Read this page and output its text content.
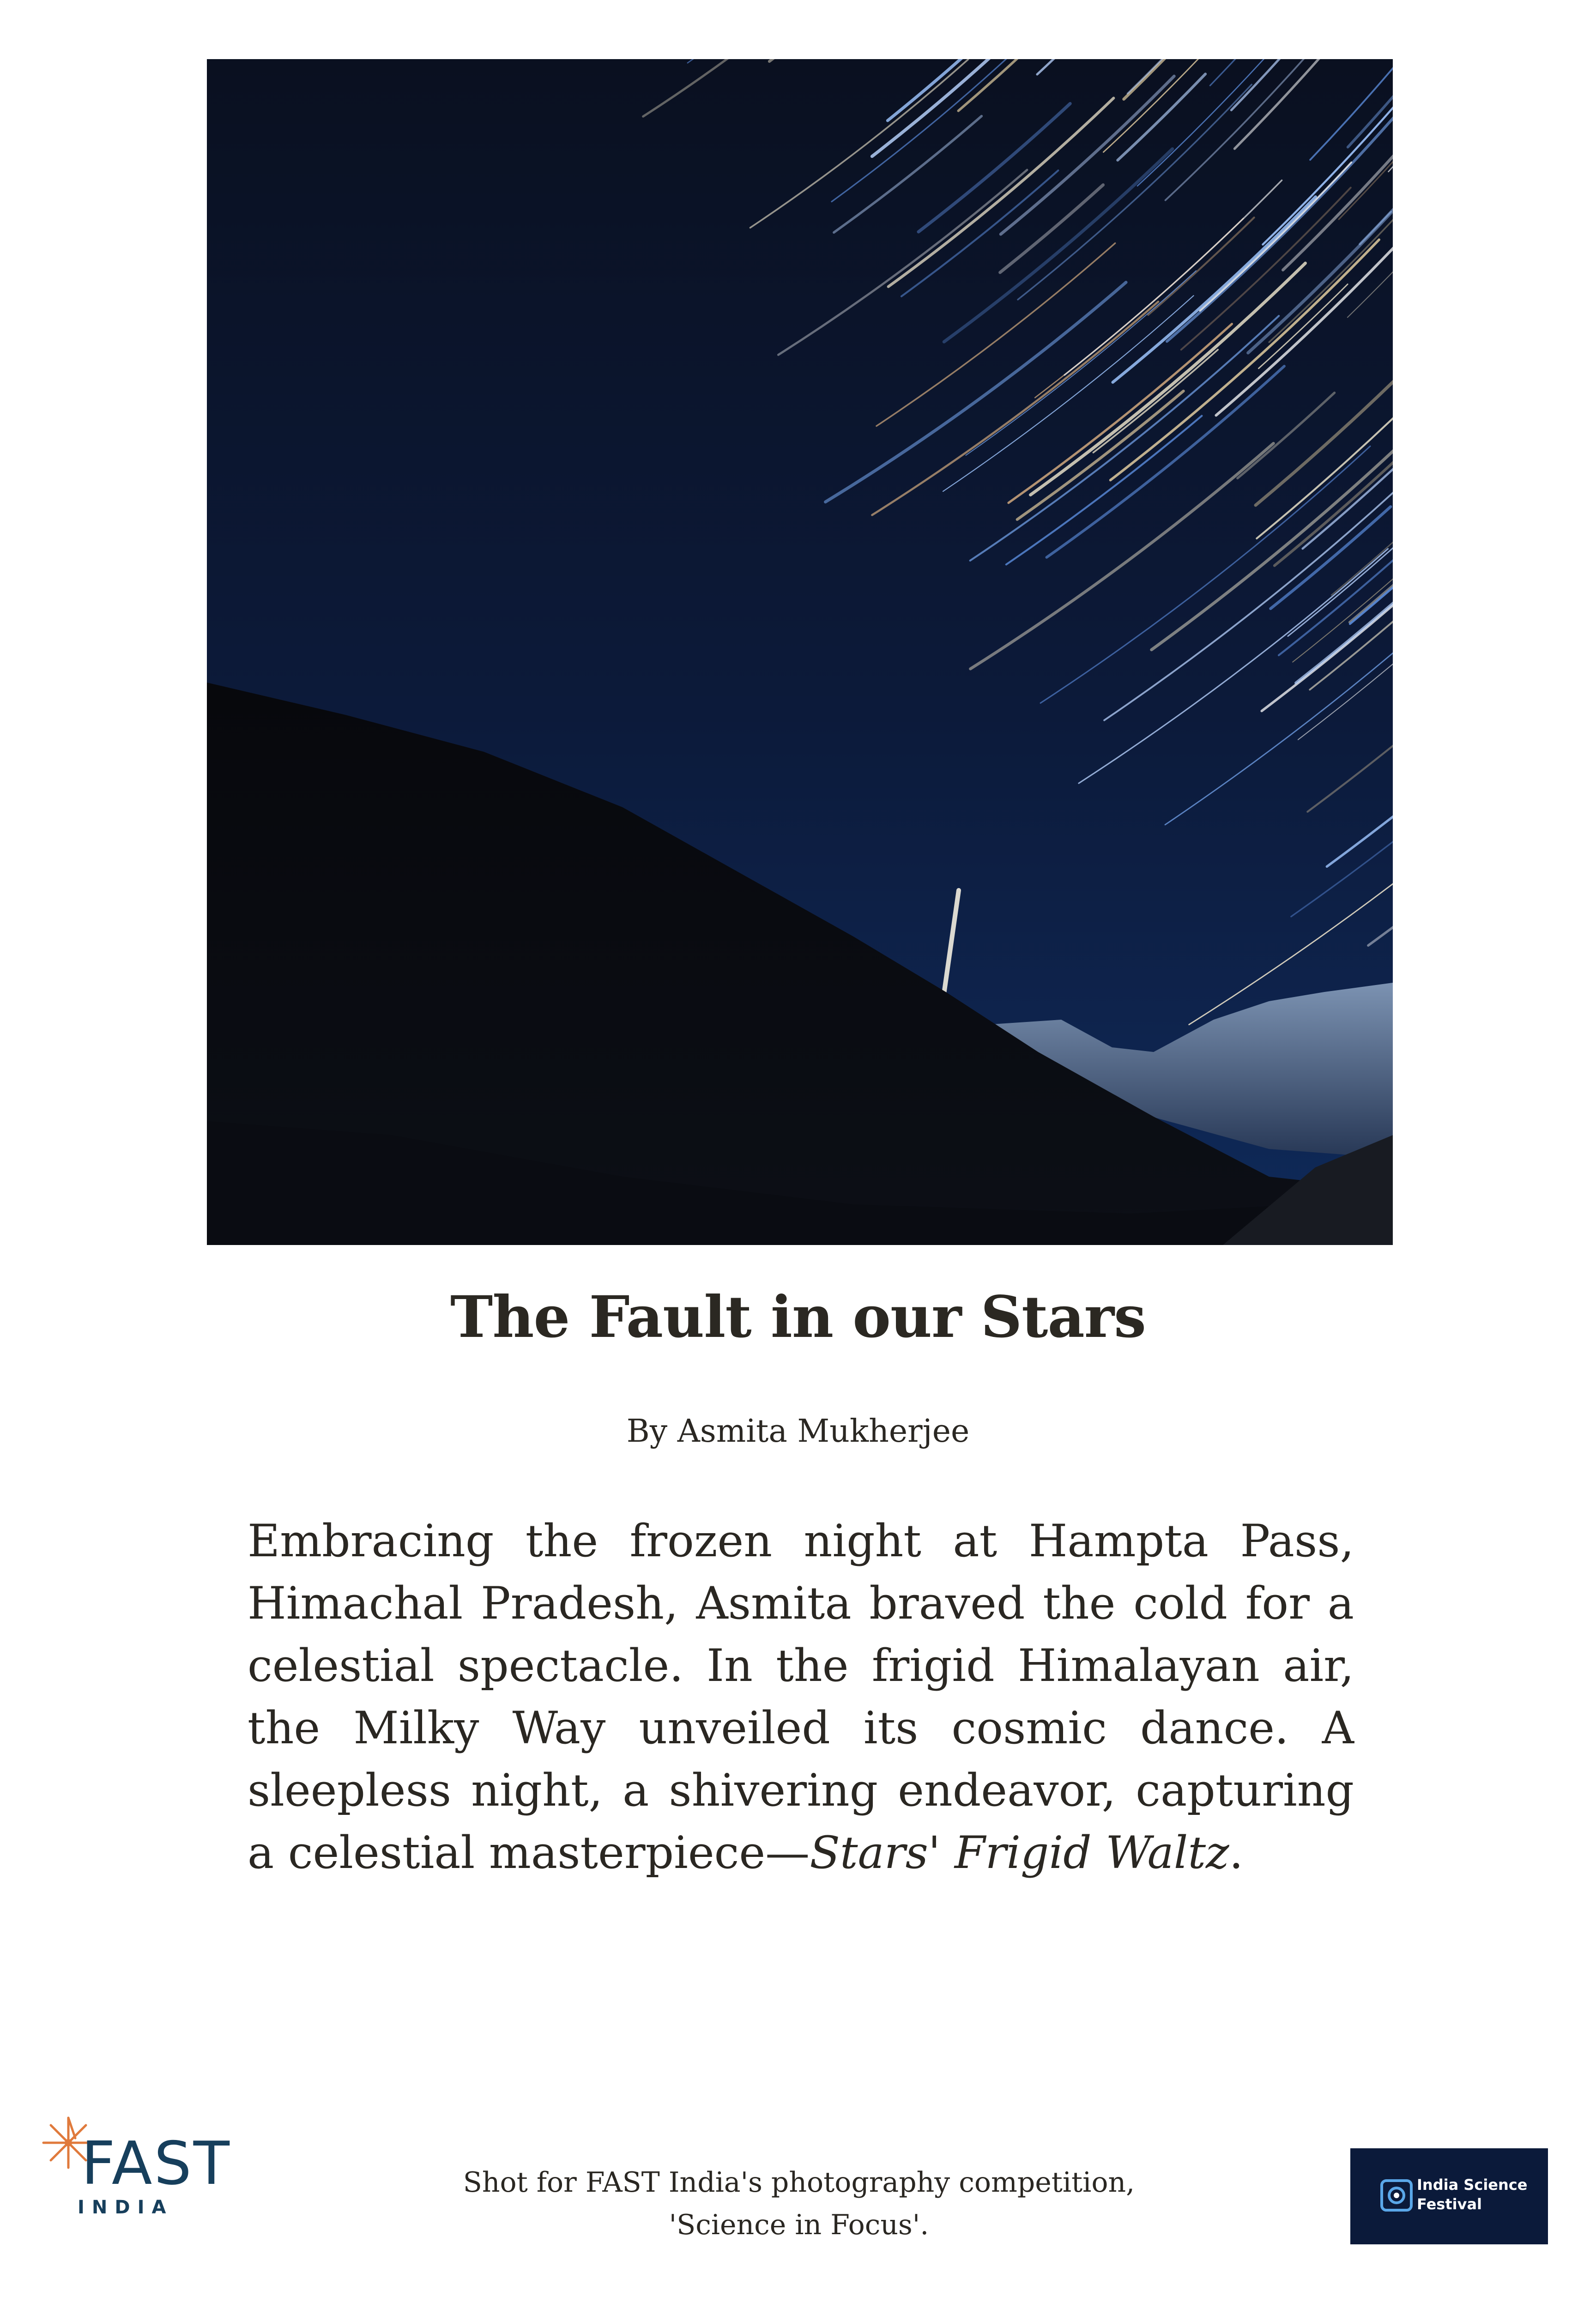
The Fault in our Stars
By Asmita Mukherjee
Embracing the frozen night at Hampta Pass, Himachal Pradesh, Asmita braved the cold for a celestial spectacle. In the frigid Himalayan air, the Milky Way unveiled its cosmic dance. A sleepless night, a shivering endeavor, capturing a celestial masterpiece—Stars' Frigid Waltz.
Shot for FAST India's photography competition,
'Science in Focus'.
FAST
INDIA
India Science
Festival
